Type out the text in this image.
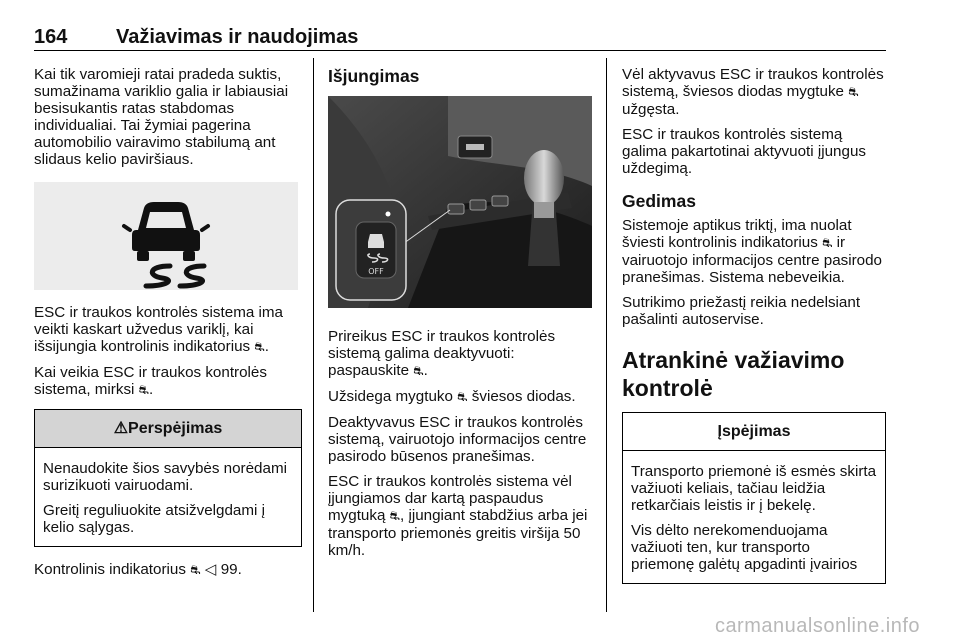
164 Važiavimas ir naudojimas

Kai tik varomieji ratai pradeda suktis, sumažinama variklio galia ir labiausiai besisukantis ratas stabdomas individualiai. Tai žymiai pagerina automobilio vairavimo stabilumą ant slidaus kelio paviršiaus.

ESC ir traukos kontrolės sistema ima veikti kaskart užvedus variklį, kai išsijungia kontrolinis indikatorius ⛐.

Kai veikia ESC ir traukos kontrolės sistema, mirksi ⛐.

⚠Perspėjimas

Nenaudokite šios savybės norėdami surizikuoti vairuodami.

Greitį reguliuokite atsižvelgdami į kelio sąlygas.

Kontrolinis indikatorius ⛐ ◁ 99.

Išjungimas
OFF

Prireikus ESC ir traukos kontrolės sistemą galima deaktyvuoti: paspauskite ⛐.

Užsidega mygtuko ⛐ šviesos diodas.

Deaktyvavus ESC ir traukos kontrolės sistemą, vairuotojo informacijos centre pasirodo būsenos pranešimas.

ESC ir traukos kontrolės sistema vėl įjungiamos dar kartą paspaudus mygtuką ⛐, įjungiant stabdžius arba jei transporto priemonės greitis viršija 50 km/h.

Vėl aktyvavus ESC ir traukos kontrolės sistemą, šviesos diodas mygtuke ⛐ užgęsta.

ESC ir traukos kontrolės sistemą galima pakartotinai aktyvuoti įjungus uždegimą.

Gedimas

Sistemoje aptikus triktį, ima nuolat šviesti kontrolinis indikatorius ⛐ ir vairuotojo informacijos centre pasirodo pranešimas. Sistema nebeveikia.

Sutrikimo priežastį reikia nedelsiant pašalinti autoservise.

Atrankinė važiavimo kontrolė
Įspėjimas

Transporto priemonė iš esmės skirta važiuoti keliais, tačiau leidžia retkarčiais leistis ir į bekelę.

Vis dėlto nerekomenduojama važiuoti ten, kur transporto priemonę galėtų apgadinti įvairios

carmanualsonline.info
